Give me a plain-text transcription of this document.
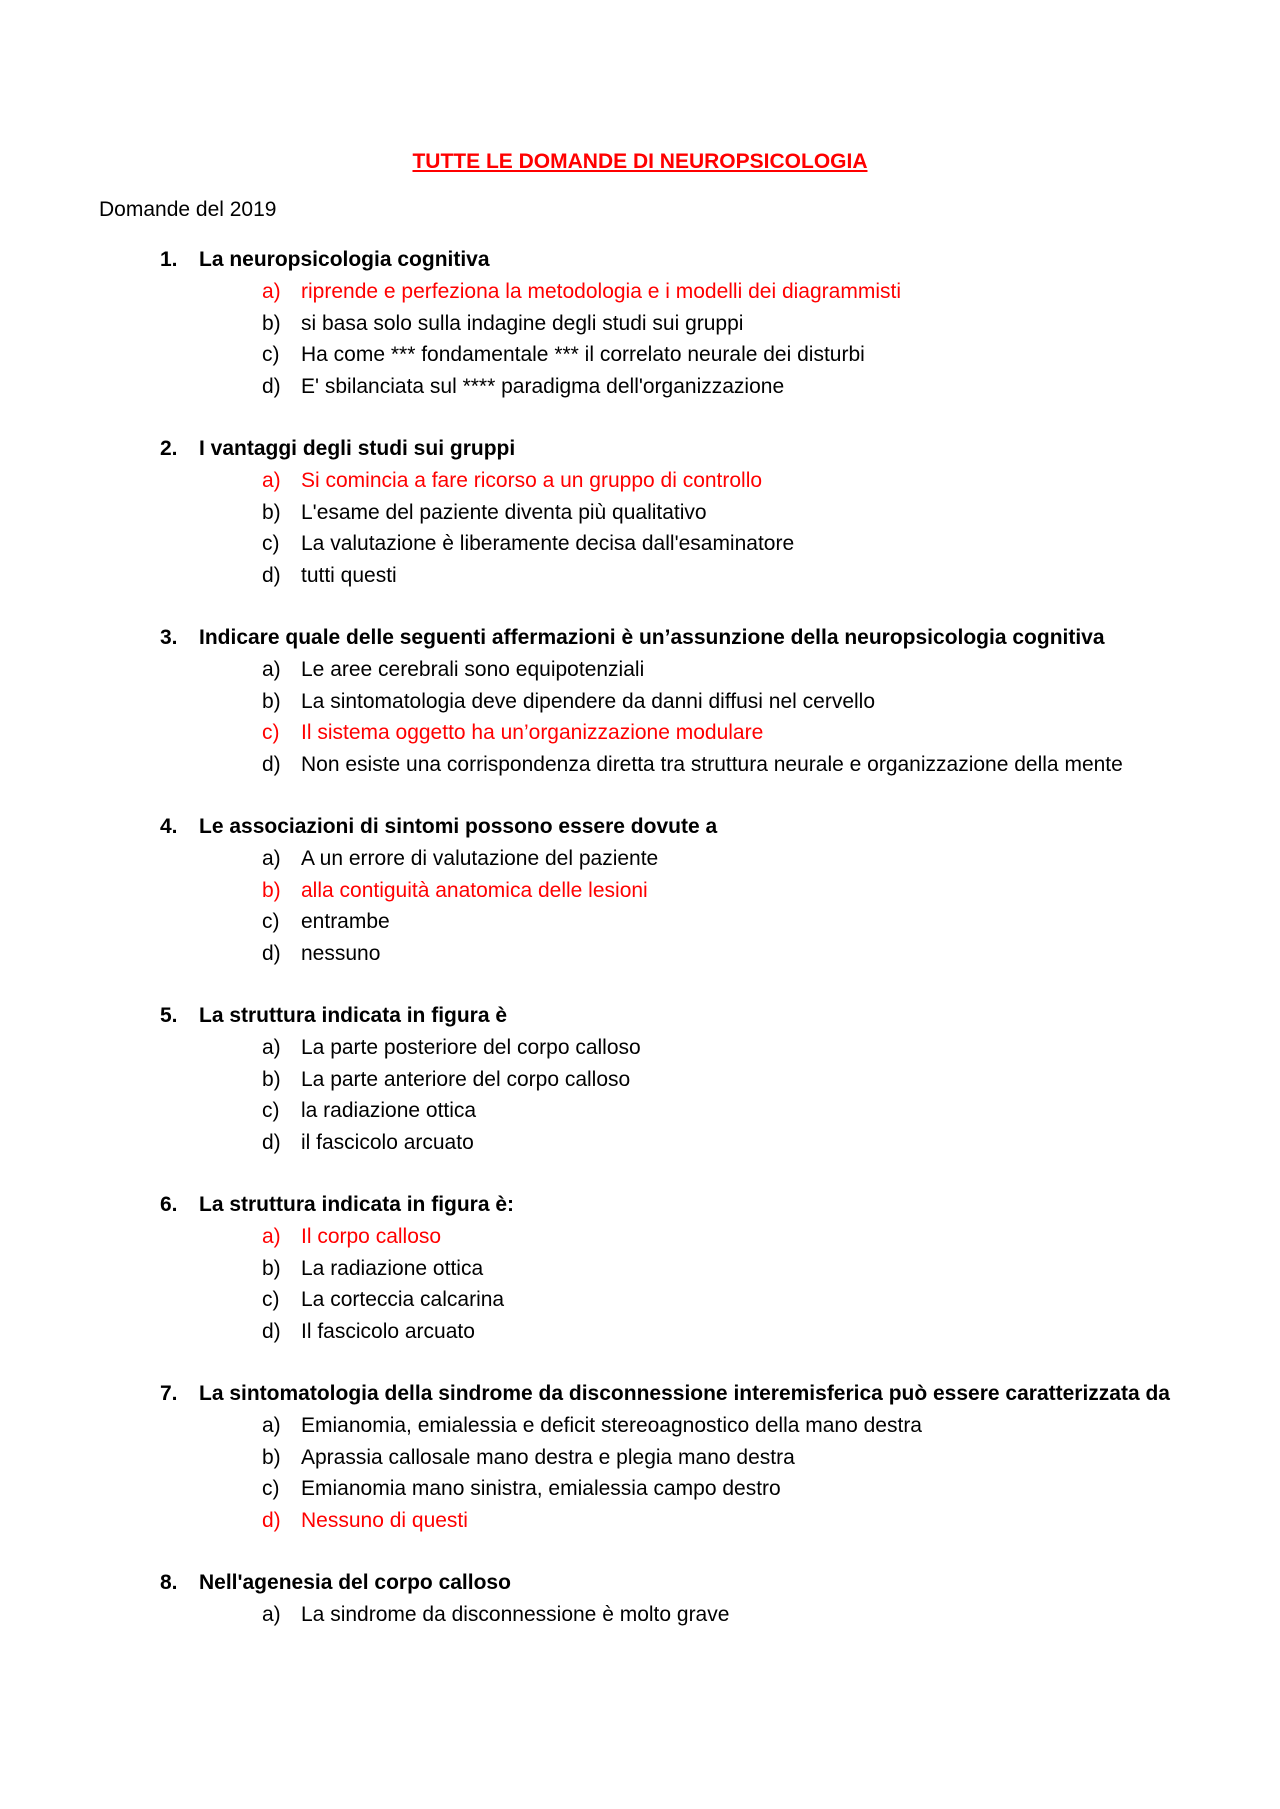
TUTTE LE DOMANDE DI NEUROPSICOLOGIA
Domande del 2019
1. La neuropsicologia cognitiva
a) riprende e perfeziona la metodologia e i modelli dei diagrammisti
b) si basa solo sulla indagine degli studi sui gruppi
c) Ha come *** fondamentale *** il correlato neurale dei disturbi
d) E' sbilanciata sul **** paradigma dell'organizzazione
2. I vantaggi degli studi sui gruppi
a) Si comincia a fare ricorso a un gruppo di controllo
b) L'esame del paziente diventa più qualitativo
c) La valutazione è liberamente decisa dall'esaminatore
d) tutti questi
3. Indicare quale delle seguenti affermazioni è un’assunzione della neuropsicologia cognitiva
a) Le aree cerebrali sono equipotenziali
b) La sintomatologia deve dipendere da danni diffusi nel cervello
c) Il sistema oggetto ha un’organizzazione modulare
d) Non esiste una corrispondenza diretta tra struttura neurale e organizzazione della mente
4. Le associazioni di sintomi possono essere dovute a
a) A un errore di valutazione del paziente
b) alla contiguità anatomica delle lesioni
c) entrambe
d) nessuno
5. La struttura indicata in figura è
a) La parte posteriore del corpo calloso
b) La parte anteriore del corpo calloso
c) la radiazione ottica
d) il fascicolo arcuato
6. La struttura indicata in figura è:
a) Il corpo calloso
b) La radiazione ottica
c) La corteccia calcarina
d) Il fascicolo arcuato
7. La sintomatologia della sindrome da disconnessione interemisferica può essere caratterizzata da
a) Emianomia, emialessia e deficit stereoagnostico della mano destra
b) Aprassia callosale mano destra e plegia mano destra
c) Emianomia mano sinistra, emialessia campo destro
d) Nessuno di questi
8. Nell'agenesia del corpo calloso
a) La sindrome da disconnessione è molto grave
